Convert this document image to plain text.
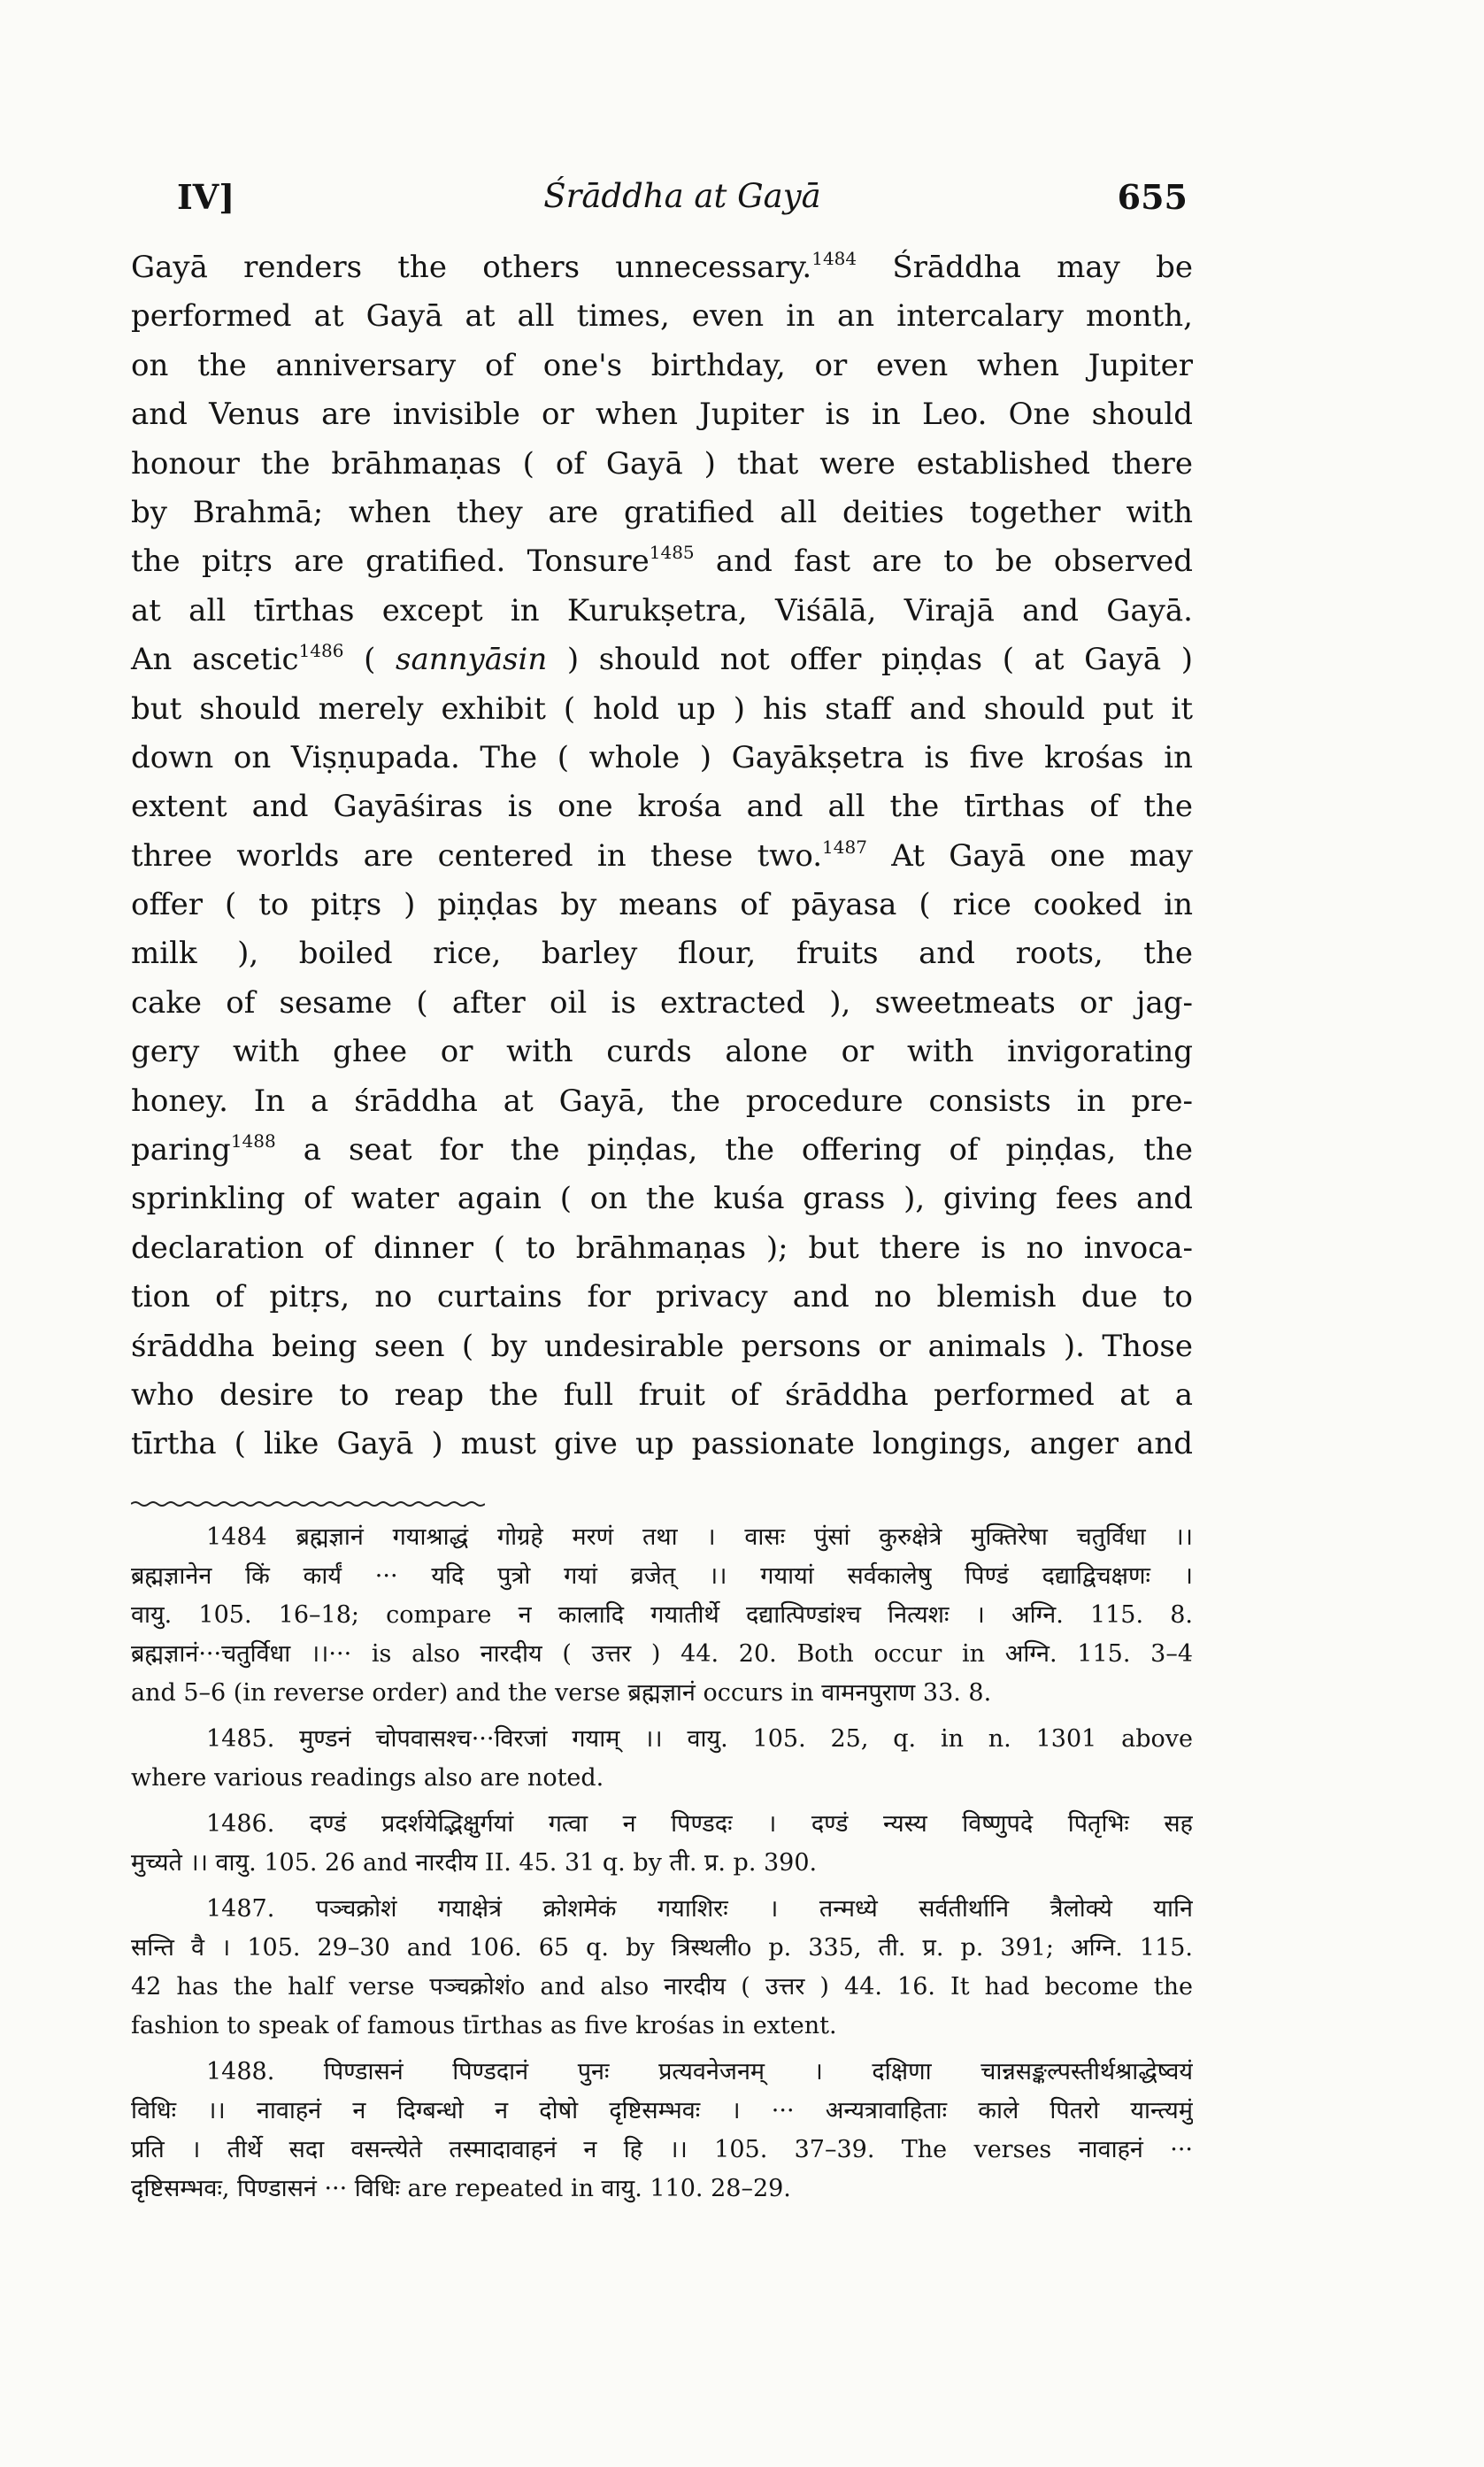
IV]	Śrāddha at Gayā	655
Gayā renders the others unnecessary.$^{1484}$ Śrāddha may be
performed at Gayā at all times, even in an intercalary month,
on the anniversary of one's birthday, or even when Jupiter
and Venus are invisible or when Jupiter is in Leo. One should
honour the brāhmaṇas ( of Gayā ) that were established there
by Brahmā; when they are gratified all deities together with
the pitṛs are gratified. Tonsure$^{1485}$ and fast are to be observed
at all tīrthas except in Kurukṣetra, Viśālā, Virajā and Gayā.
An ascetic$^{1486}$ ( sannyāsin ) should not offer piṇḍas ( at Gayā )
but should merely exhibit ( hold up ) his staff and should put it
down on Viṣṇupada. The ( whole ) Gayākṣetra is five krośas in
extent and Gayāśiras is one krośa and all the tīrthas of the
three worlds are centered in these two.$^{1487}$ At Gayā one may
offer ( to pitṛs ) piṇḍas by means of pāyasa ( rice cooked in
milk ), boiled rice, barley flour, fruits and roots, the
cake of sesame ( after oil is extracted ), sweetmeats or jag-
gery with ghee or with curds alone or with invigorating
honey. In a śrāddha at Gayā, the procedure consists in pre-
paring$^{1488}$ a seat for the piṇḍas, the offering of piṇḍas, the
sprinkling of water again ( on the kuśa grass ), giving fees and
declaration of dinner ( to brāhmaṇas ); but there is no invoca-
tion of pitṛs, no curtains for privacy and no blemish due to
śrāddha being seen ( by undesirable persons or animals ). Those
who desire to reap the full fruit of śrāddha performed at a
tīrtha ( like Gayā ) must give up passionate longings, anger and
1484 ब्रह्मज्ञानं गयाश्राद्धं गोग्रहे मरणं तथा । वासः पुंसां कुरुक्षेत्रे मुक्तिरेषा चतुर्विधा ।।
ब्रह्मज्ञानेन किं कार्यं ··· यदि पुत्रो गयां व्रजेत् ।। गयायां सर्वकालेषु पिण्डं दद्याद्विचक्षणः ।
वायु. 105. 16–18; compare न कालादि गयातीर्थे दद्यात्पिण्डांश्च नित्यशः । अग्नि. 115. 8.
ब्रह्मज्ञानं···चतुर्विधा ।।··· is also नारदीय ( उत्तर ) 44. 20. Both occur in अग्नि. 115. 3–4
and 5–6 (in reverse order) and the verse ब्रह्मज्ञानं occurs in वामनपुराण 33. 8.
1485. मुण्डनं चोपवासश्च···विरजां गयाम् ।। वायु. 105. 25, q. in n. 1301 above
where various readings also are noted.
1486. दण्डं प्रदर्शयेद्भिक्षुर्गयां गत्वा न पिण्डदः । दण्डं न्यस्य विष्णुपदे पितृभिः सह
मुच्यते ।। वायु. 105. 26 and नारदीय II. 45. 31 q. by ती. प्र. p. 390.
1487. पञ्चक्रोशं गयाक्षेत्रं क्रोशमेकं गयाशिरः । तन्मध्ये सर्वतीर्थानि त्रैलोक्ये यानि
सन्ति वै । 105. 29–30 and 106. 65 q. by त्रिस्थलीo p. 335, ती. प्र. p. 391; अग्नि. 115.
42 has the half verse पञ्चक्रोशंo and also नारदीय ( उत्तर ) 44. 16. It had become the
fashion to speak of famous tīrthas as five krośas in extent.
1488. पिण्डासनं पिण्डदानं पुनः प्रत्यवनेजनम् । दक्षिणा चान्नसङ्कल्पस्तीर्थश्राद्धेष्वयं
विधिः ।। नावाहनं न दिग्बन्धो न दोषो दृष्टिसम्भवः । ··· अन्यत्रावाहिताः काले पितरो यान्त्यमुं
प्रति । तीर्थे सदा वसन्त्येते तस्मादावाहनं न हि ।। 105. 37–39. The verses नावाहनं ···
दृष्टिसम्भवः, पिण्डासनं ··· विधिः are repeated in वायु. 110. 28–29.
